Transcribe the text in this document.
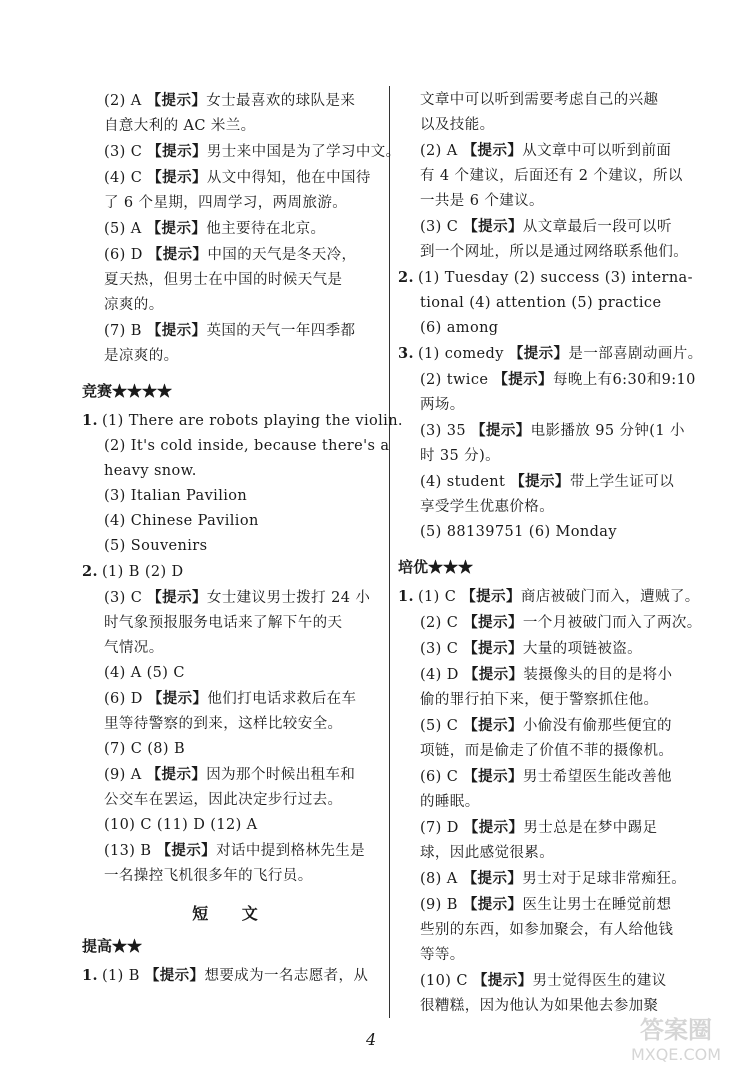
(2) A 【提示】女士最喜欢的球队是来
自意大利的 AC 米兰。
(3) C 【提示】男士来中国是为了学习中文。
(4) C 【提示】从文中得知，他在中国待
了 6 个星期，四周学习，两周旅游。
(5) A 【提示】他主要待在北京。
(6) D 【提示】中国的天气是冬天冷，
夏天热，但男士在中国的时候天气是
凉爽的。
(7) B 【提示】英国的天气一年四季都
是凉爽的。
竞赛★★★★
1. (1) There are robots playing the violin.
(2) It's cold inside, because there's a
heavy snow.
(3) Italian Pavilion
(4) Chinese Pavilion
(5) Souvenirs
2. (1) B (2) D
(3) C 【提示】女士建议男士拨打 24 小
时气象预报服务电话来了解下午的天
气情况。
(4) A (5) C
(6) D 【提示】他们打电话求救后在车
里等待警察的到来，这样比较安全。
(7) C (8) B
(9) A 【提示】因为那个时候出租车和
公交车在罢运，因此决定步行过去。
(10) C (11) D (12) A
(13) B 【提示】对话中提到格林先生是
一名操控飞机很多年的飞行员。
短 文
提高★★
1. (1) B 【提示】想要成为一名志愿者，从
文章中可以听到需要考虑自己的兴趣
以及技能。
(2) A 【提示】从文章中可以听到前面
有 4 个建议，后面还有 2 个建议，所以
一共是 6 个建议。
(3) C 【提示】从文章最后一段可以听
到一个网址，所以是通过网络联系他们。
2. (1) Tuesday (2) success (3) interna-
tional (4) attention (5) practice
(6) among
3. (1) comedy 【提示】是一部喜剧动画片。
(2) twice 【提示】每晚上有6:30和9:10
两场。
(3) 35 【提示】电影播放 95 分钟(1 小
时 35 分)。
(4) student 【提示】带上学生证可以
享受学生优惠价格。
(5) 88139751 (6) Monday
培优★★★
1. (1) C 【提示】商店被破门而入，遭贼了。
(2) C 【提示】一个月被破门而入了两次。
(3) C 【提示】大量的项链被盗。
(4) D 【提示】装摄像头的目的是将小
偷的罪行拍下来，便于警察抓住他。
(5) C 【提示】小偷没有偷那些便宜的
项链，而是偷走了价值不菲的摄像机。
(6) C 【提示】男士希望医生能改善他
的睡眠。
(7) D 【提示】男士总是在梦中踢足
球，因此感觉很累。
(8) A 【提示】男士对于足球非常痴狂。
(9) B 【提示】医生让男士在睡觉前想
些别的东西，如参加聚会，有人给他钱
等等。
(10) C 【提示】男士觉得医生的建议
很糟糕，因为他认为如果他去参加聚
4	答案圈
MXQE.COM
